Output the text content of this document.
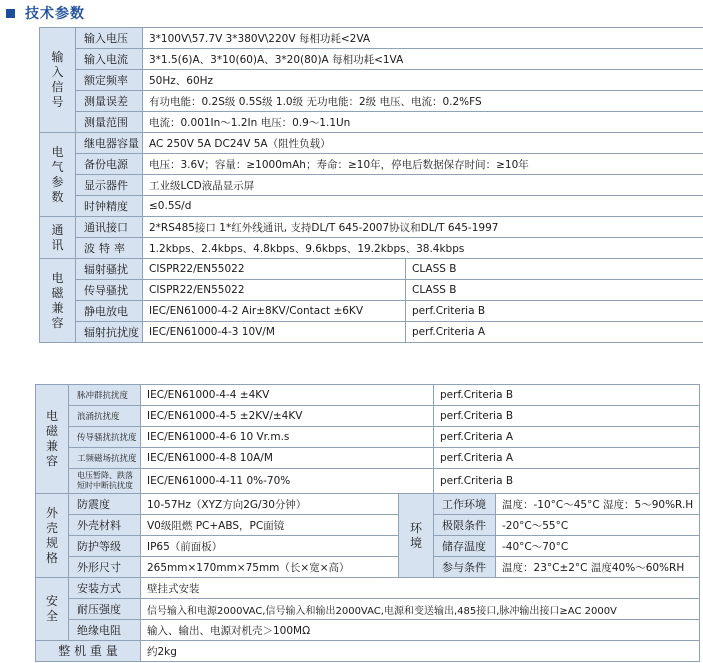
技术参数
输入信号	输入电压	3*100V\57.7V 3*380V\220V 每相功耗<2VA	
	输入电流	3*1.5(6)A、3*10(60)A、3*20(80)A 每相功耗<1VA	
	额定频率	50Hz、60Hz	
	测量误差	有功电能：0.2S级 0.5S级 1.0级 无功电能：2级 电压、电流：0.2%FS	
	测量范围	电流：0.001In～1.2In 电压：0.9～1.1Un	
电气参数	继电器容量	AC 250V 5A DC24V 5A（阻性负载）	
	备份电源	电压：3.6V；容量：≥1000mAh；寿命：≥10年，停电后数据保存时间：≥10年	
	显示器件	工业级LCD液晶显示屏	
	时钟精度	≤0.5S/d	
通讯	通讯接口	2*RS485接口 1*红外线通讯, 支持DL/T 645-2007协议和DL/T 645-1997	
	波特率	1.2kbps、2.4kbps、4.8kbps、9.6kbps、19.2kbps、38.4kbps	
电磁兼容	辐射骚扰	CISPR22/EN55022	CLASS B
	传导骚扰	CISPR22/EN55022	CLASS B
	静电放电	IEC/EN61000-4-2 Air±8KV/Contact ±6KV	perf.Criteria B
	辐射抗扰度	IEC/EN61000-4-3 10V/M	perf.Criteria A
电磁兼容	脉冲群抗扰度	IEC/EN61000-4-4 ±4KV		perf.Criteria B	
	浪涌抗扰度	IEC/EN61000-4-5 ±2KV/±4KV		perf.Criteria B	
	传导骚扰抗扰度	IEC/EN61000-4-6 10 Vr.m.s		perf.Criteria A	
	工频磁场抗扰度	IEC/EN61000-4-8 10A/M		perf.Criteria A	
	电压暂降、跌落短时中断抗扰度	IEC/EN61000-4-11 0%-70%		perf.Criteria B	
外壳规格	防震度	10-57Hz（XYZ方向2G/30分钟）	环境	工作环境	温度：-10°C～45°C 湿度：5～90%R.H
	外壳材料	V0级阻燃 PC+ABS，PC面镜		极限条件	-20°C～55°C
	防护等级	IP65（前面板）		储存温度	-40°C～70°C
	外形尺寸	265mm×170mm×75mm（长×宽×高）		参与条件	温度：23°C±2°C 温度40%～60%RH
安全	安装方式	壁挂式安装			
	耐压强度	信号输入和电源2000VAC,信号输入和输出2000VAC,电源和变送输出,485接口,脉冲输出接口≥AC 2000V			
	绝缘电阻	输入、输出、电源对机壳＞100MΩ			
整 机 重 量		约2kg			
